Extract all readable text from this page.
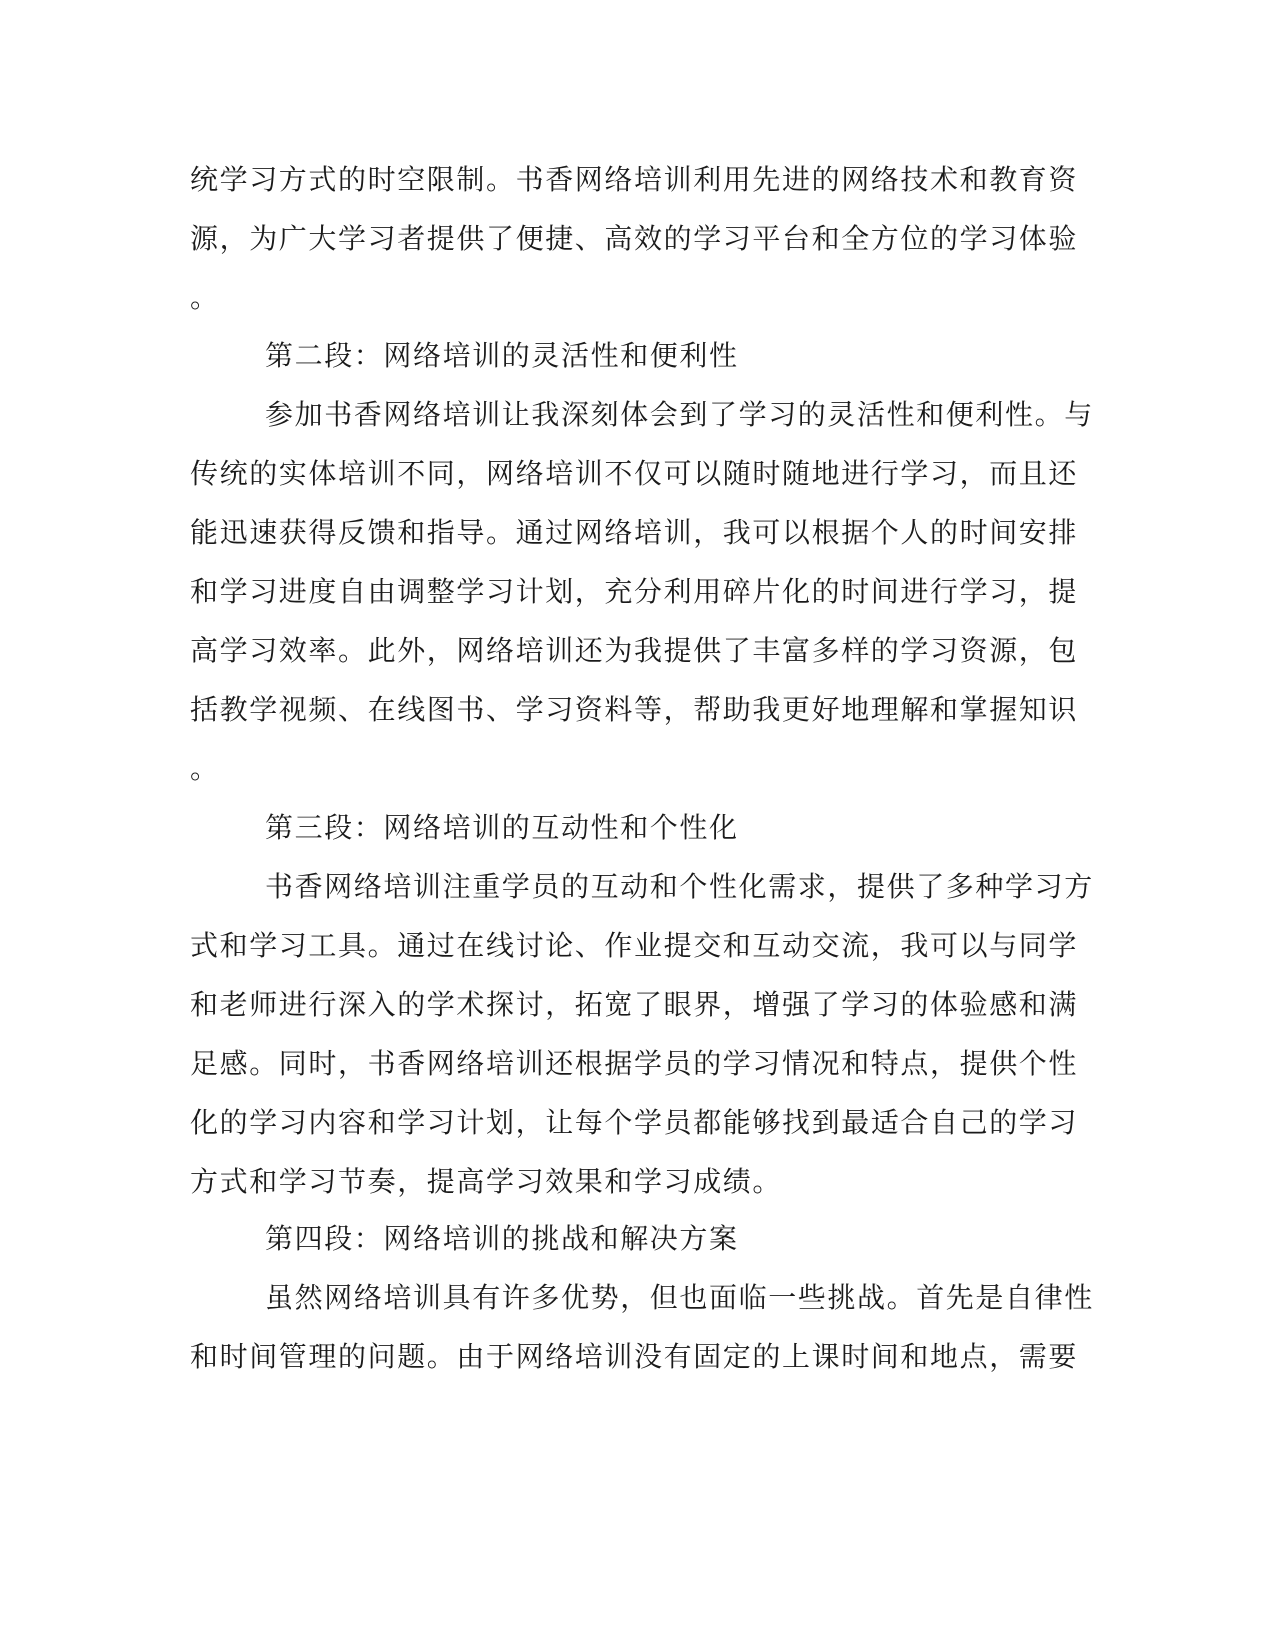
统学习方式的时空限制。书香网络培训利用先进的网络技术和教育资
源，为广大学习者提供了便捷、高效的学习平台和全方位的学习体验
。
第二段：网络培训的灵活性和便利性
参加书香网络培训让我深刻体会到了学习的灵活性和便利性。与
传统的实体培训不同，网络培训不仅可以随时随地进行学习，而且还
能迅速获得反馈和指导。通过网络培训，我可以根据个人的时间安排
和学习进度自由调整学习计划，充分利用碎片化的时间进行学习，提
高学习效率。此外，网络培训还为我提供了丰富多样的学习资源，包
括教学视频、在线图书、学习资料等，帮助我更好地理解和掌握知识
。
第三段：网络培训的互动性和个性化
书香网络培训注重学员的互动和个性化需求，提供了多种学习方
式和学习工具。通过在线讨论、作业提交和互动交流，我可以与同学
和老师进行深入的学术探讨，拓宽了眼界，增强了学习的体验感和满
足感。同时，书香网络培训还根据学员的学习情况和特点，提供个性
化的学习内容和学习计划，让每个学员都能够找到最适合自己的学习
方式和学习节奏，提高学习效果和学习成绩。
第四段：网络培训的挑战和解决方案
虽然网络培训具有许多优势，但也面临一些挑战。首先是自律性
和时间管理的问题。由于网络培训没有固定的上课时间和地点，需要
